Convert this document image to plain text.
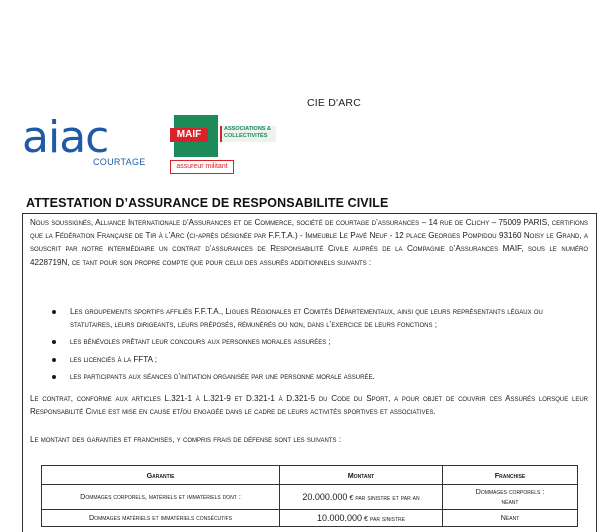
CIE D'ARC
aiac
COURTAGE
MAIF	ASSOCIATIONS & COLLECTIVITÉS
assureur militant
ATTESTATION D’ASSURANCE DE RESPONSABILITE CIVILE
Nous soussignés, Alliance Internationale d’Assurances et de Commerce, société de courtage d’assurances – 14 rue de Clichy – 75009 PARIS, certifions que la Fédération Française de Tir à l’Arc (ci-après désignée par F.F.T.A.) - Immeuble Le Pavé Neuf - 12 place Georges Pompidou 93160 Noisy le Grand, a souscrit par notre intermédiaire un contrat d’assurances de Responsabilité Civile auprès de la Compagnie d’Assurances MAIF, sous le numéro 4228719N, ce tant pour son propre compte que pour celui des assurés additionnels suivants :
Les groupements sportifs affiliés F.F.T.A., Ligues Régionales et Comités Départementaux, ainsi que leurs représentants légaux ou statutaires, leurs dirigeants, leurs préposés, rémunérés ou non, dans l’exercice de leurs fonctions ;
les bénévoles prêtant leur concours aux personnes morales assurées ;
les licenciés à la FFTA ;
les participants aux séances d’initiation organisée par une personne morale assurée.
Le contrat, conforme aux articles L.321-1 à L.321-9 et D.321-1 à D.321-5 du Code du Sport, a pour objet de couvrir ces Assurés lorsque leur Responsabilité Civile est mise en cause et/ou engagée dans le cadre de leurs activités sportives et associatives.
Le montant des garanties et franchises, y compris frais de défense sont les suivants :
Garantie	Montant	Franchise
Dommages corporels, matériels et immatériels dont :	20.000.000 € par sinistre et par an	Dommages corporels :
néant

Dommages matériels et immatériels consécutifs	10.000.000 € par sinistre	Néant
